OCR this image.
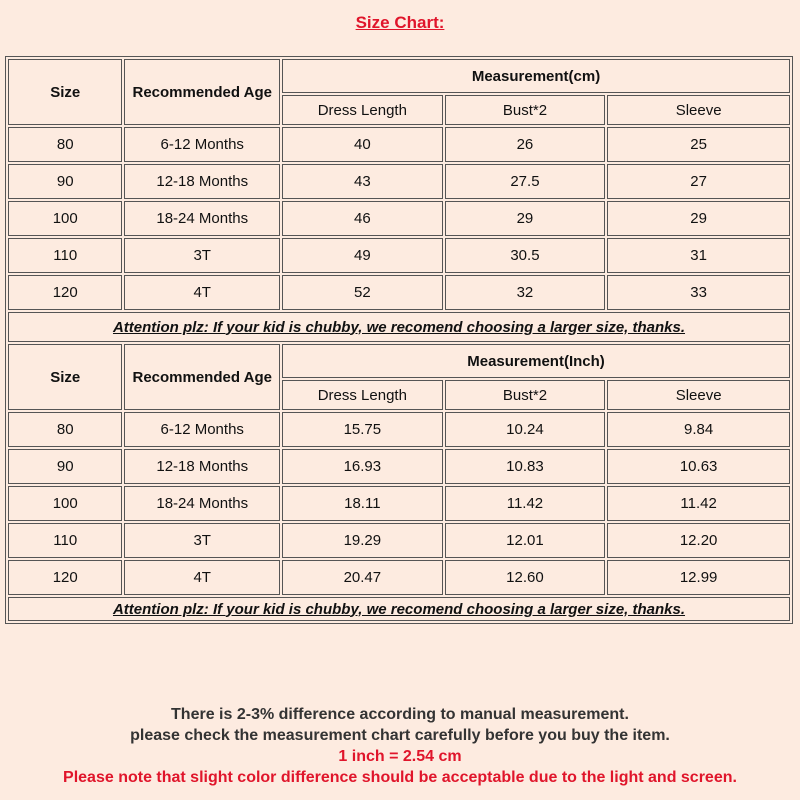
Size Chart:
Size	Recommended Age	Measurement(cm)		
		Dress Length	Bust*2	Sleeve
80	6-12 Months	40	26	25
90	12-18 Months	43	27.5	27
100	18-24 Months	46	29	29
110	3T	49	30.5	31
120	4T	52	32	33
Attention plz: If your kid is chubby, we recomend choosing a larger size, thanks.				
Size	Recommended Age	Measurement(Inch)		
		Dress Length	Bust*2	Sleeve
80	6-12 Months	15.75	10.24	9.84
90	12-18 Months	16.93	10.83	10.63
100	18-24 Months	18.11	11.42	11.42
110	3T	19.29	12.01	12.20
120	4T	20.47	12.60	12.99
Attention plz: If your kid is chubby, we recomend choosing a larger size, thanks.				
There is 2-3% difference according to manual measurement.
please check the measurement chart carefully before you buy the item.
1 inch = 2.54 cm
Please note that slight color difference should be acceptable due to the light and screen.
